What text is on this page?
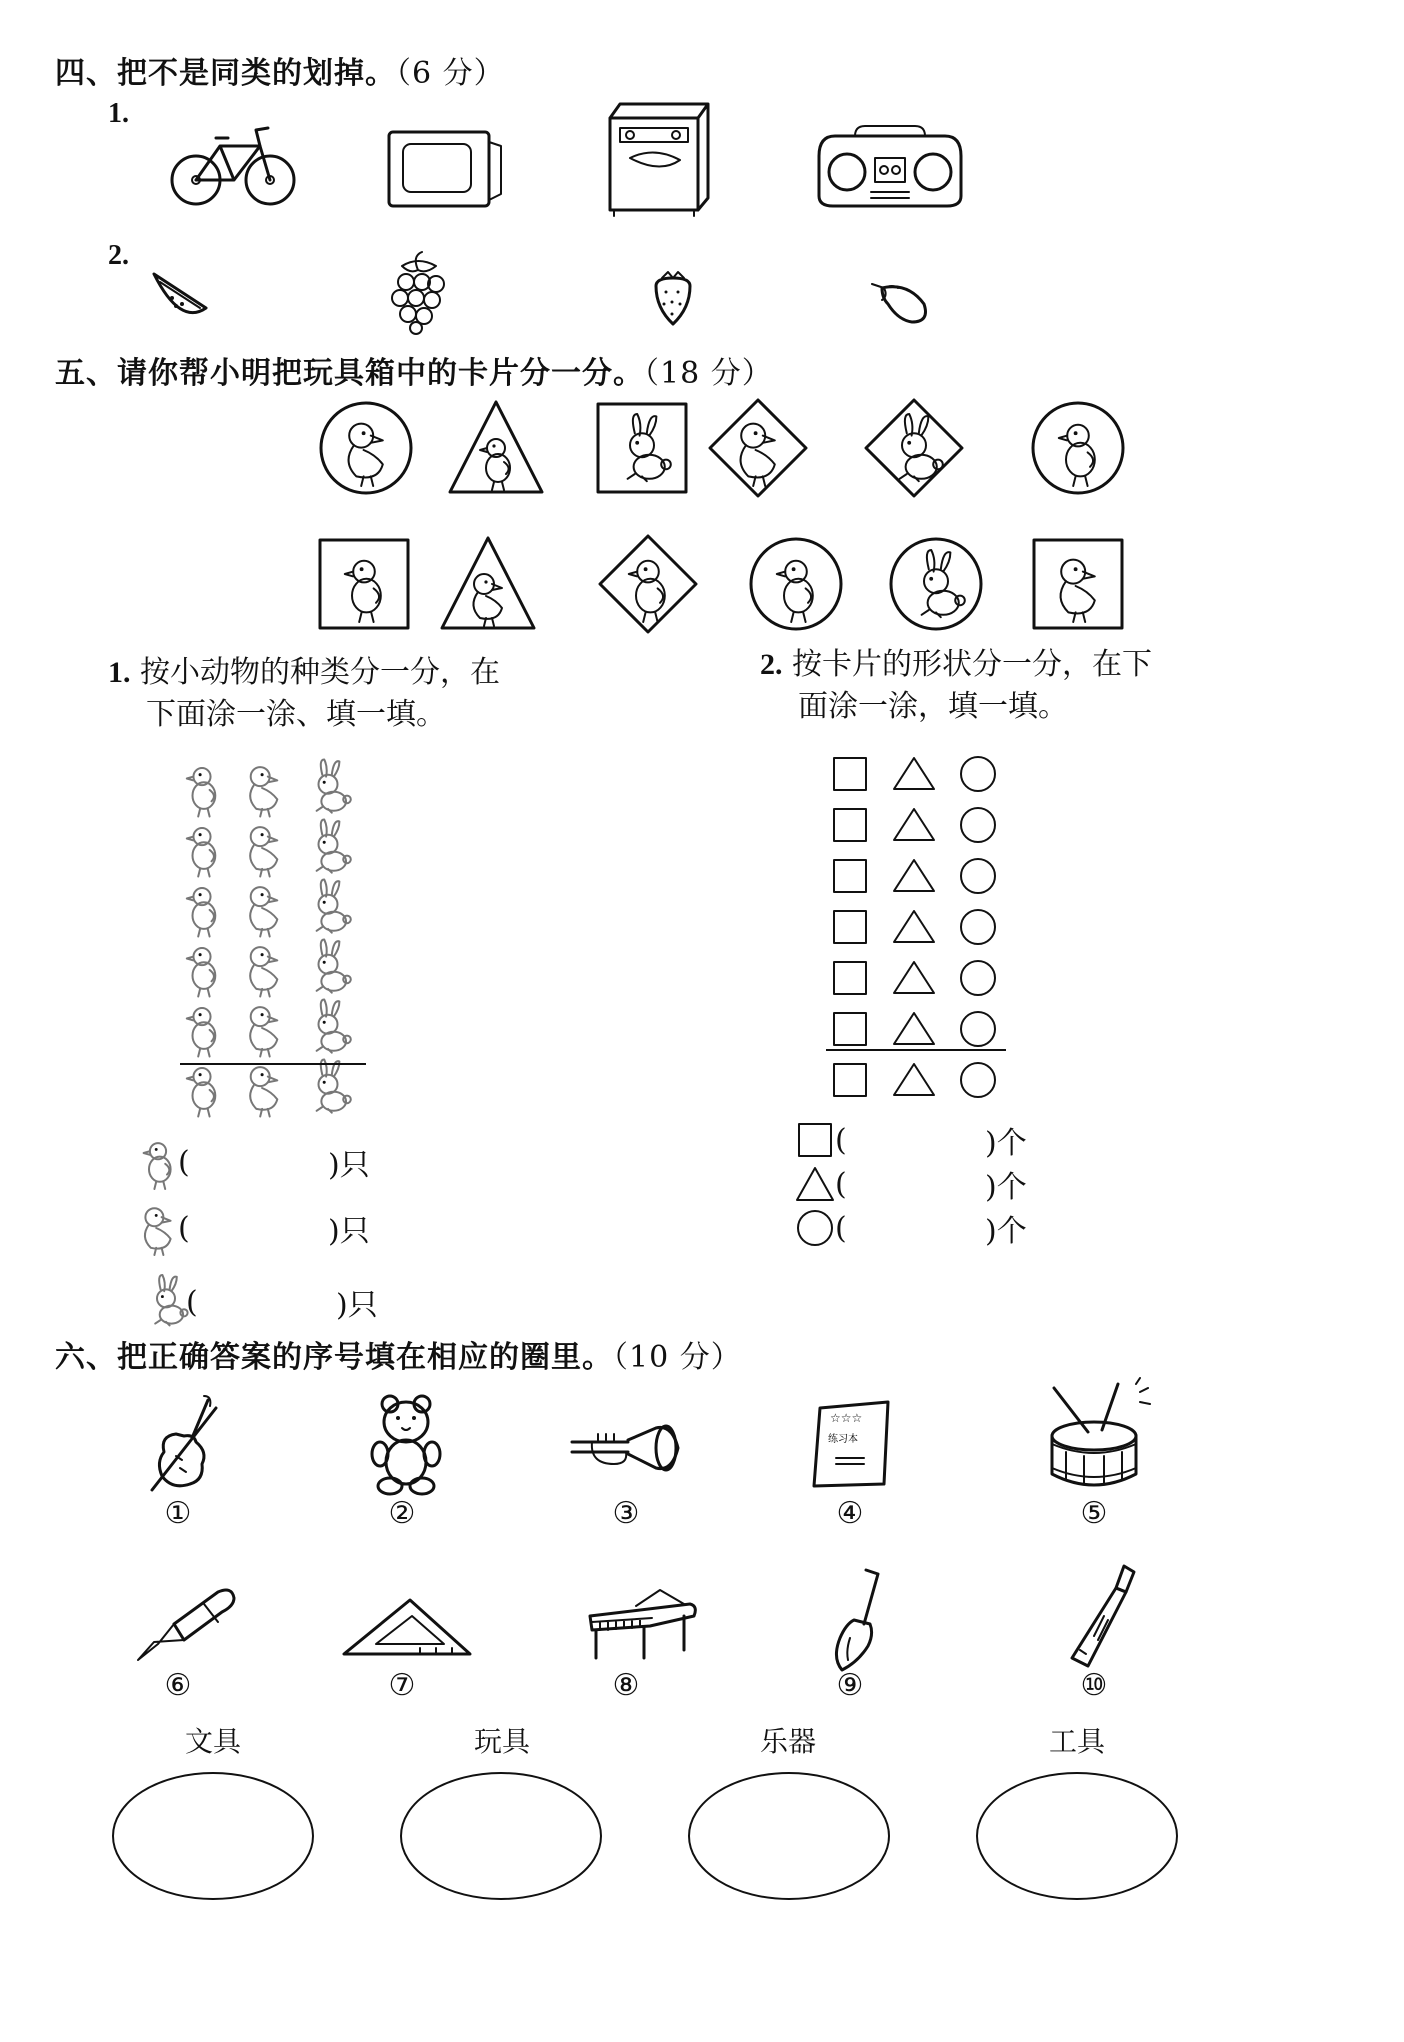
四、把不是同类的划掉。（6 分）
1.
2.
五、请你帮小明把玩具箱中的卡片分一分。（18 分）
1. 按小动物的种类分一分，在
下面涂一涂、填一填。
2. 按卡片的形状分一分，在下
面涂一涂，填一填。
(	)只
(	)只
(	)只
(	)个
(	)个
(	)个
六、把正确答案的序号填在相应的圈里。（10 分）
☆☆☆
练习本
①	②	③	④	⑤
⑥	⑦	⑧	⑨	⑩
文具	玩具	乐器	工具
